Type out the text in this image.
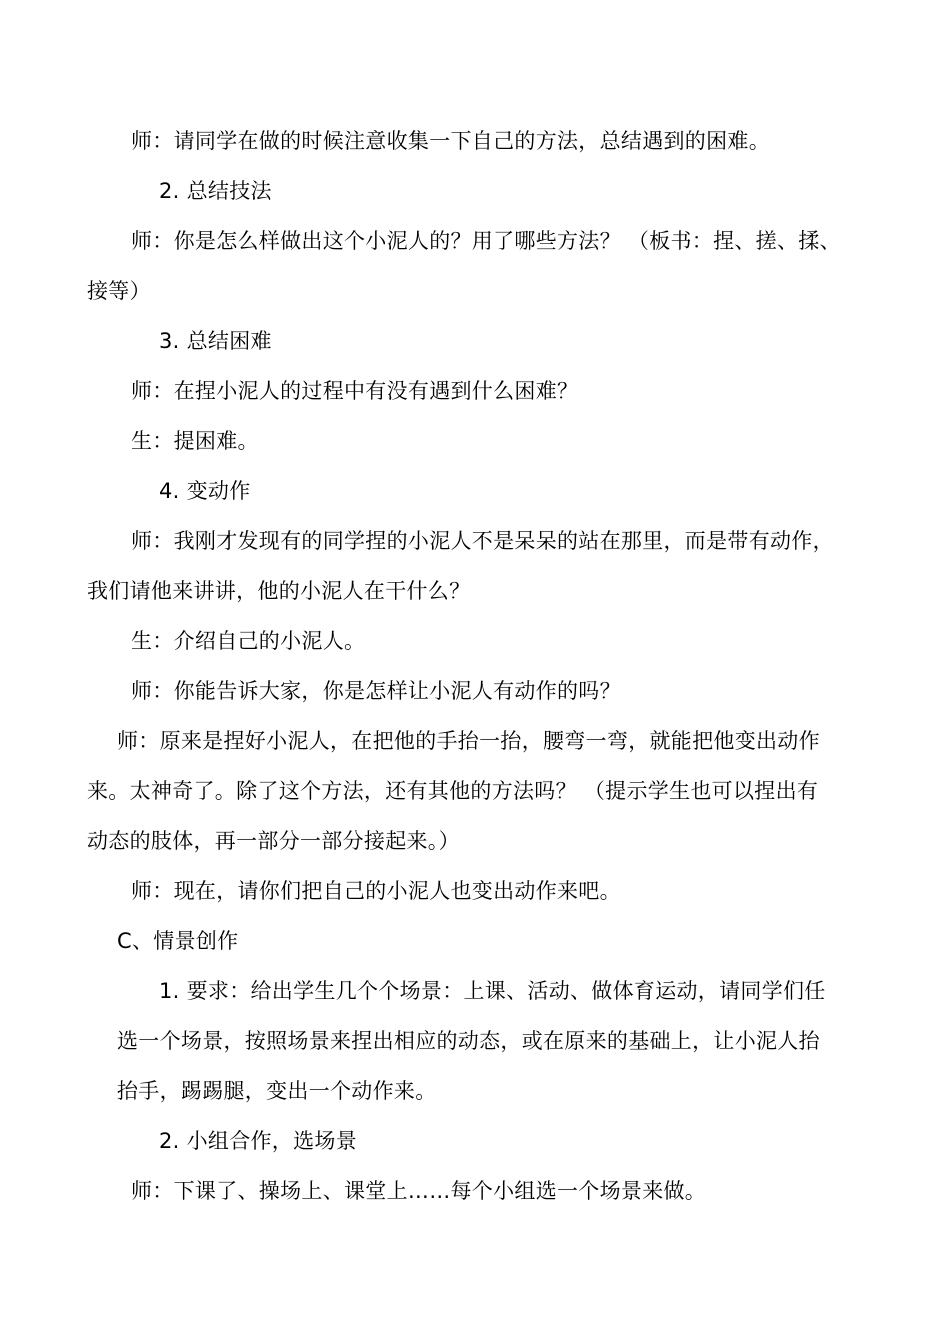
师：请同学在做的时候注意收集一下自己的方法，总结遇到的困难。
2. 总结技法
师：你是怎么样做出这个小泥人的？用了哪些方法？ （板书：捏、搓、揉、
接等）
3. 总结困难
师：在捏小泥人的过程中有没有遇到什么困难？
生：提困难。
4. 变动作
师：我刚才发现有的同学捏的小泥人不是呆呆的站在那里，而是带有动作，
我们请他来讲讲，他的小泥人在干什么？
生：介绍自己的小泥人。
师：你能告诉大家，你是怎样让小泥人有动作的吗？
师：原来是捏好小泥人，在把他的手抬一抬，腰弯一弯，就能把他变出动作
来。太神奇了。除了这个方法，还有其他的方法吗？ （提示学生也可以捏出有
动态的肢体，再一部分一部分接起来。）
师：现在，请你们把自己的小泥人也变出动作来吧。
C、情景创作
1. 要求：给出学生几个个场景：上课、活动、做体育运动，请同学们任
选一个场景，按照场景来捏出相应的动态，或在原来的基础上，让小泥人抬
抬手，踢踢腿，变出一个动作来。
2. 小组合作，选场景
师：下课了、操场上、课堂上……每个小组选一个场景来做。
